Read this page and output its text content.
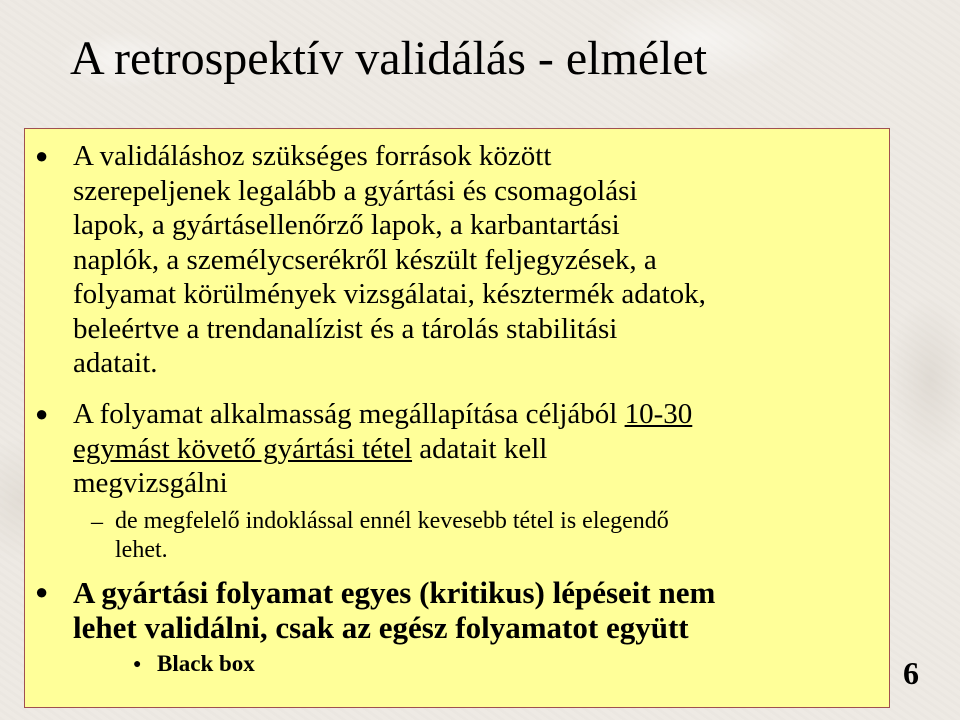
A retrospektív validálás - elmélet
● A validáláshoz szükséges források között
szerepeljenek legalább a gyártási és csomagolási
lapok, a gyártásellenőrző lapok, a karbantartási
naplók, a személycserékről készült feljegyzések, a
folyamat körülmények vizsgálatai, késztermék adatok,
beleértve a trendanalízist és a tárolás stabilitási
adatait.
● A folyamat alkalmasság megállapítása céljából 10-30
egymást követő gyártási tétel adatait kell
megvizsgálni
– de megfelelő indoklással ennél kevesebb tétel is elegendő
lehet.
● A gyártási folyamat egyes (kritikus) lépéseit nem
lehet validálni, csak az egész folyamatot együtt
● Black box	6
